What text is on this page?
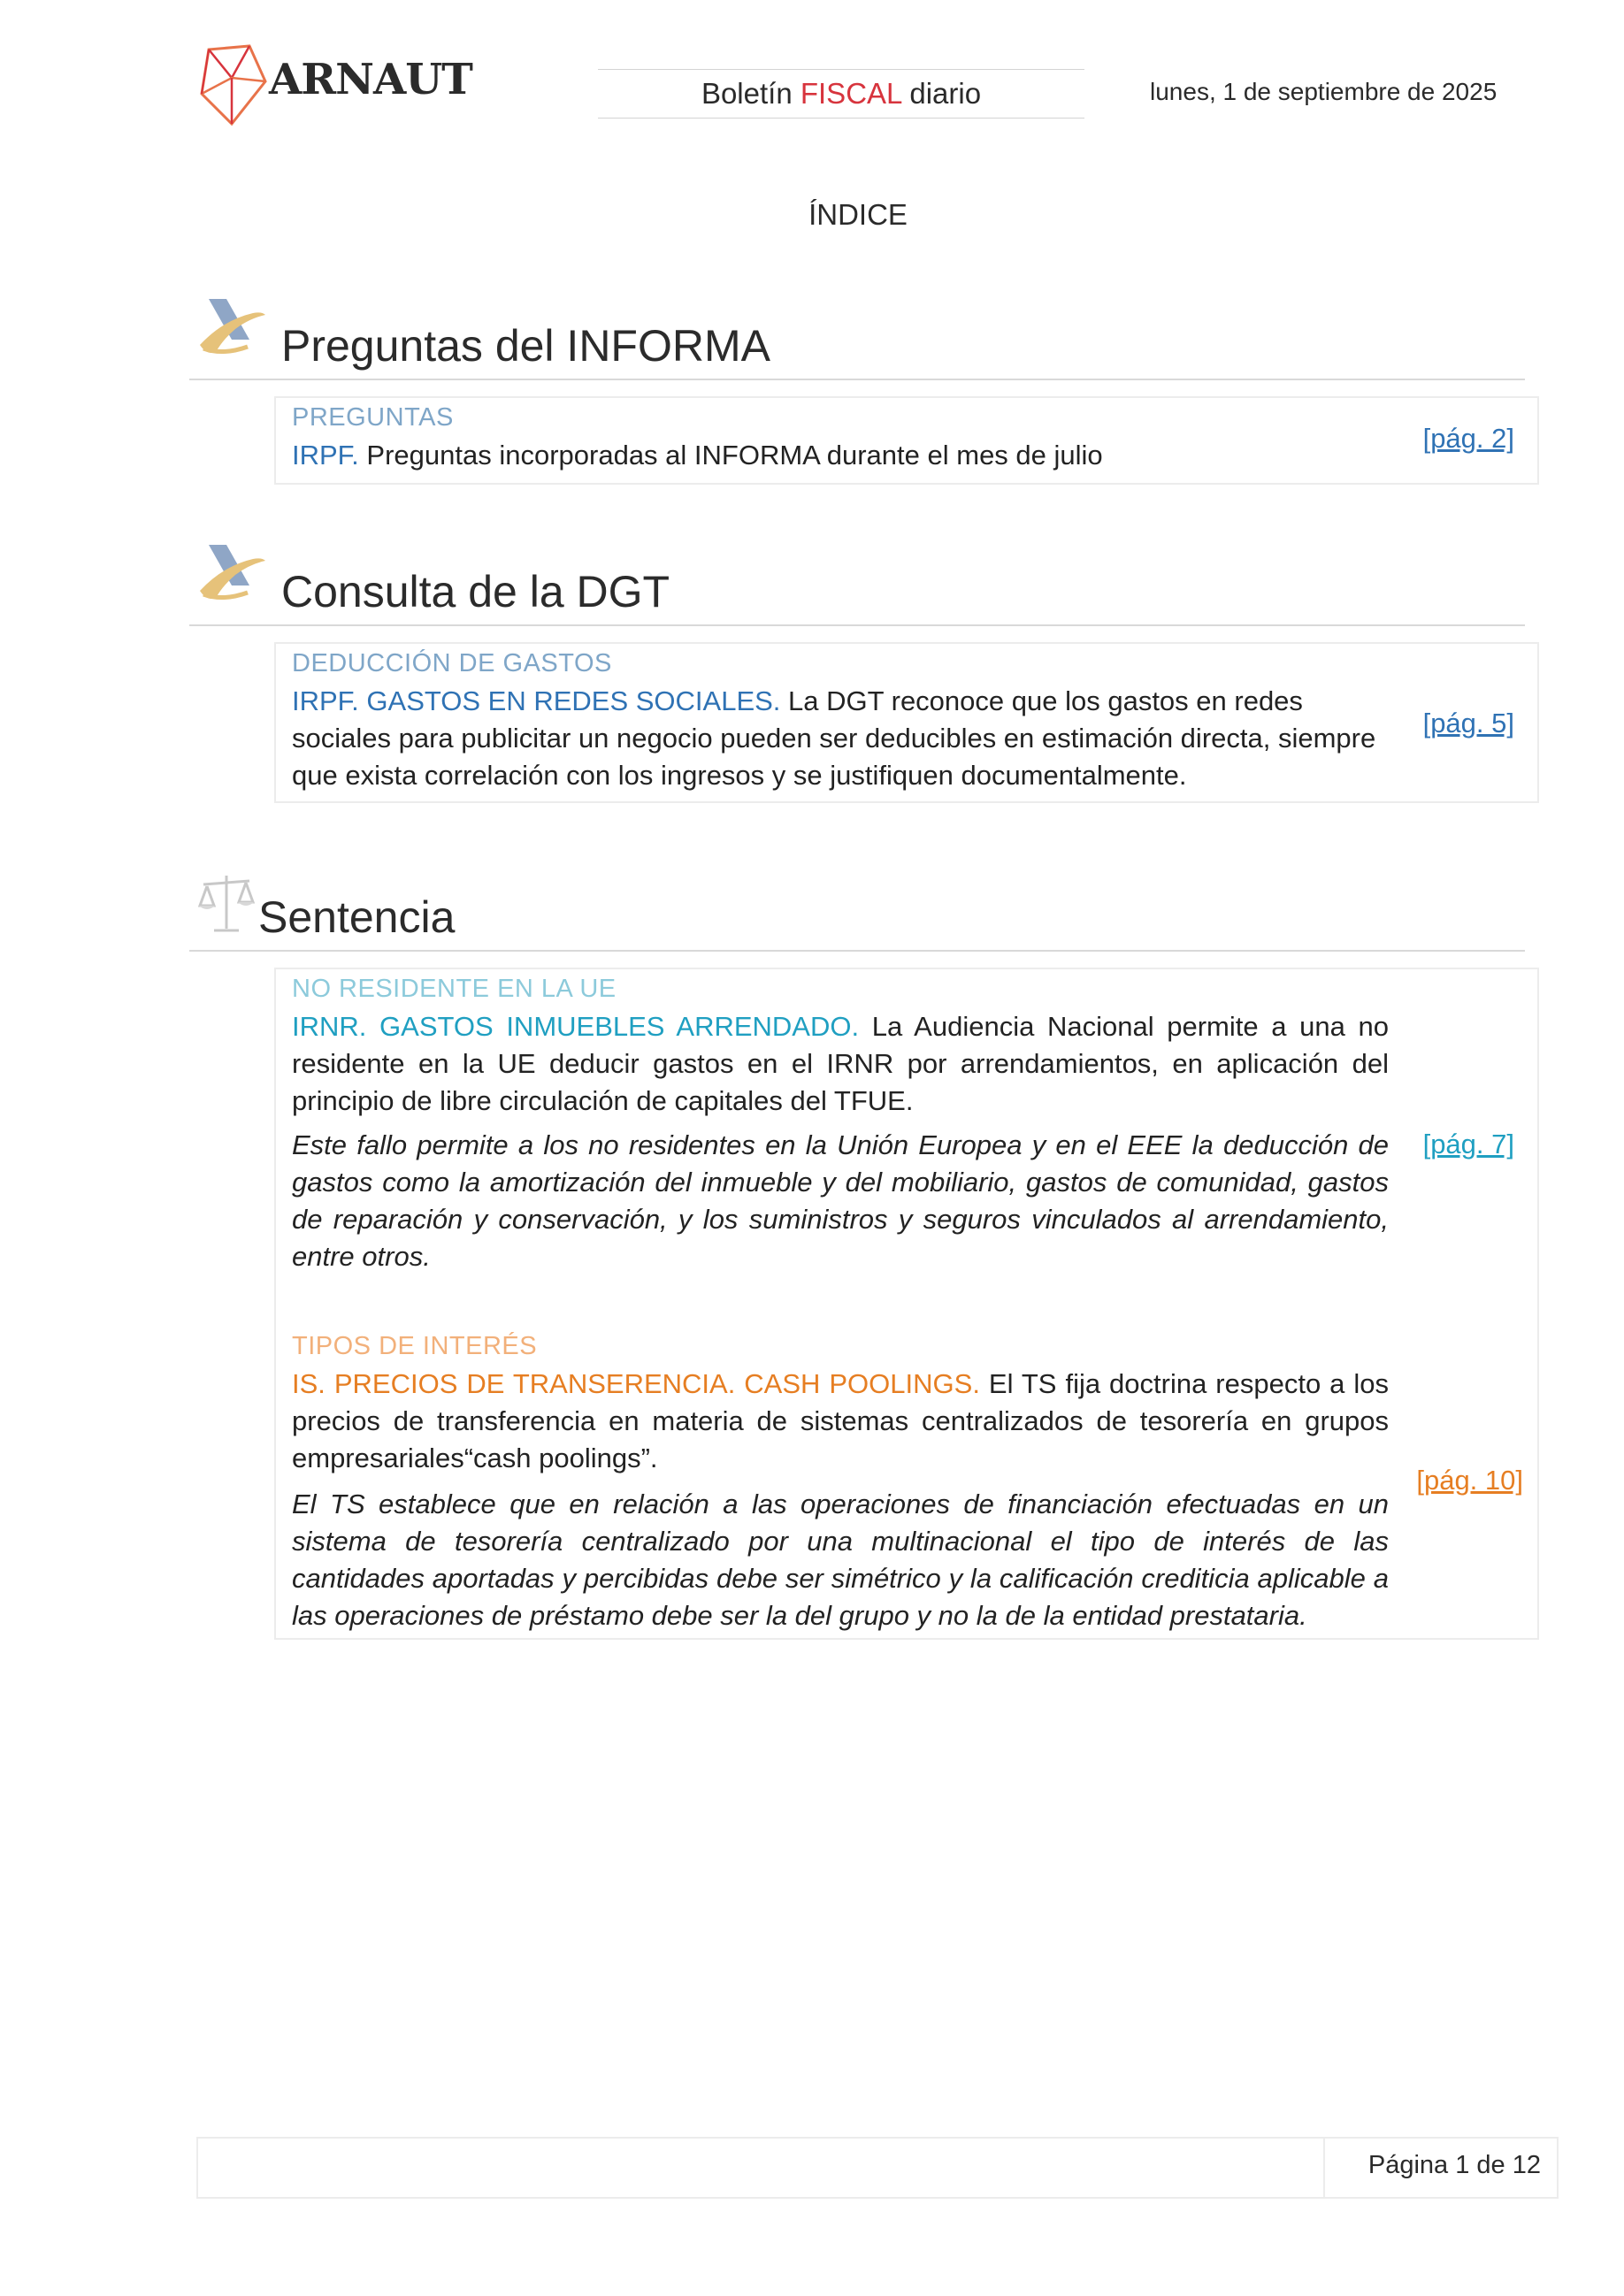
ARNAUT	Boletín FISCAL diario	lunes, 1 de septiembre de 2025
ÍNDICE
Preguntas del INFORMA
PREGUNTAS
IRPF. Preguntas incorporadas al INFORMA durante el mes de julio
[pág. 2]
Consulta de la DGT
DEDUCCIÓN DE GASTOS
IRPF. GASTOS EN REDES SOCIALES. La DGT reconoce que los gastos en redes sociales para publicitar un negocio pueden ser deducibles en estimación directa, siempre que exista correlación con los ingresos y se justifiquen documentalmente.
[pág. 5]
Sentencia
NO RESIDENTE EN LA UE
IRNR. GASTOS INMUEBLES ARRENDADO. La Audiencia Nacional permite a una no residente en la UE deducir gastos en el IRNR por arrendamientos, en aplicación del principio de libre circulación de capitales del TFUE.
Este fallo permite a los no residentes en la Unión Europea y en el EEE la deducción de gastos como la amortización del inmueble y del mobiliario, gastos de comunidad, gastos de reparación y conservación, y los suministros y seguros vinculados al arrendamiento, entre otros.
[pág. 7]
TIPOS DE INTERÉS
IS. PRECIOS DE TRANSERENCIA. CASH POOLINGS. El TS fija doctrina respecto a los precios de transferencia en materia de sistemas centralizados de tesorería en grupos empresariales“cash poolings”.
El TS establece que en relación a las operaciones de financiación efectuadas en un sistema de tesorería centralizado por una multinacional el tipo de interés de las cantidades aportadas y percibidas debe ser simétrico y la calificación crediticia aplicable a las operaciones de préstamo debe ser la del grupo y no la de la entidad prestataria.
[pág. 10]
Página 1 de 12
